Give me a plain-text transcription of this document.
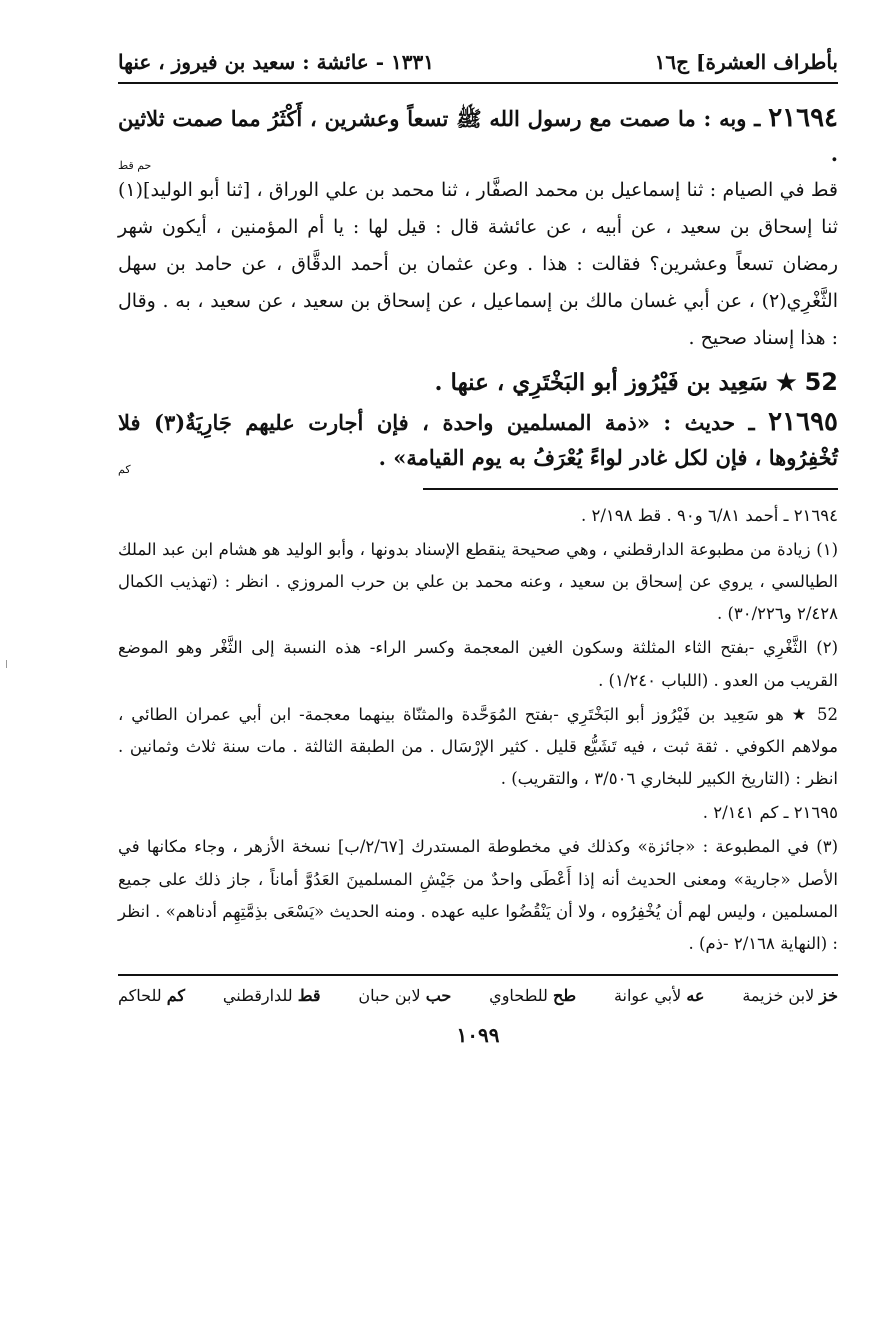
بأطراف العشرة] ج١٦
١٣٣١ - عائشة : سعيد بن فيروز ، عنها

٢١٦٩٤ ـ وبه : ما صمت مع رسول الله ﷺ تسعاً وعشرين ، أَكْثَرُ مما صمت ثلاثين .

حم قط

قط في الصيام : ثنا إسماعيل بن محمد الصفَّار ، ثنا محمد بن علي الوراق ، [ثنا أبو الوليد](١) ثنا إسحاق بن سعيد ، عن أبيه ، عن عائشة قال : قيل لها : يا أم المؤمنين ، أيكون شهر رمضان تسعاً وعشرين؟ فقالت : هذا . وعن عثمان بن أحمد الدقَّاق ، عن حامد بن سهل الثَّغْرِي(٢) ، عن أبي غسان مالك بن إسماعيل ، عن إسحاق بن سعيد ، عن سعيد ، به . وقال : هذا إسناد صحيح .

52 ★ سَعِيد بن فَيْرُوز أبو البَخْتَرِي ، عنها .

٢١٦٩٥ ـ حديث : «ذمة المسلمين واحدة ، فإن أجارت عليهم جَارِيَةٌ(٣) فلا تُخْفِرُوها ، فإن لكل غادر لواءً يُعْرَفُ به يوم القيامة» .

كم

٢١٦٩٤ ـ أحمد ٦/٨١ و٩٠ . قط ٢/١٩٨ .

(١) زيادة من مطبوعة الدارقطني ، وهي صحيحة ينقطع الإسناد بدونها ، وأبو الوليد هو هشام ابن عبد الملك الطيالسي ، يروي عن إسحاق بن سعيد ، وعنه محمد بن علي بن حرب المروزي . انظر : (تهذيب الكمال ٢/٤٢٨ و٣٠/٢٢٦) .

(٢) الثَّغْرِي -بفتح الثاء المثلثة وسكون الغين المعجمة وكسر الراء- هذه النسبة إلى الثَّغْر وهو الموضع القريب من العدو . (اللباب ١/٢٤٠) .

52 ★ هو سَعِيد بن فَيْرُوز أبو البَخْتَرِي -بفتح المُوَحَّدة والمثنّاة بينهما معجمة- ابن أبي عمران الطائي ، مولاهم الكوفي . ثقة ثبت ، فيه تَشَيُّع قليل . كثير الإرْسَال . من الطبقة الثالثة . مات سنة ثلاث وثمانين . انظر : (التاريخ الكبير للبخاري ٣/٥٠٦ ، والتقريب) .

٢١٦٩٥ ـ كم ٢/١٤١ .

(٣) في المطبوعة : «جائزة» وكذلك في مخطوطة المستدرك [٢/٦٧/ب] نسخة الأزهر ، وجاء مكانها في الأصل «جارية» ومعنى الحديث أنه إذا أَعْطَى واحدٌ من جَيْشِ المسلمينَ العَدُوَّ أماناً ، جاز ذلك على جميع المسلمين ، وليس لهم أن يُخْفِرُوه ، ولا أن يَنْقُضُوا عليه عهده . ومنه الحديث «يَسْعَى بذِمَّتِهِم أدناهم» . انظر : (النهاية ٢/١٦٨ -ذم) .

خز لابن خزيمة
عه لأبي عوانة
طح للطحاوي
حب لابن حبان
قط للدارقطني
كم للحاكم
١٠٩٩
